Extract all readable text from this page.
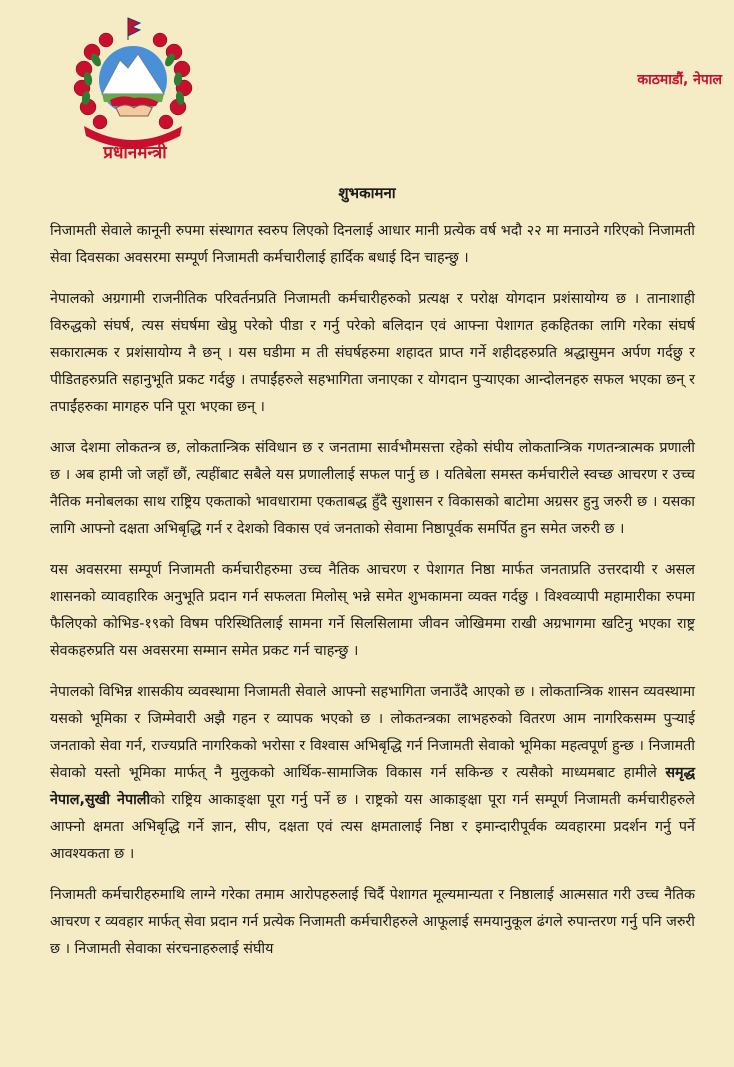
प्रधानमन्त्री
काठमाडौं, नेपाल
शुभकामना

निजामती सेवाले कानूनी रुपमा संस्थागत स्वरुप लिएको दिनलाई आधार मानी प्रत्येक वर्ष भदौ २२ मा मनाउने गरिएको निजामती सेवा दिवसका अवसरमा सम्पूर्ण निजामती कर्मचारीलाई हार्दिक बधाई दिन चाहन्छु ।

नेपालको अग्रगामी राजनीतिक परिवर्तनप्रति निजामती कर्मचारीहरुको प्रत्यक्ष र परोक्ष योगदान प्रशंसायोग्य छ । तानाशाही विरुद्धको संघर्ष, त्यस संघर्षमा खेप्नु परेको पीडा र गर्नु परेको बलिदान एवं आफ्ना पेशागत हकहितका लागि गरेका संघर्ष सकारात्मक र प्रशंसायोग्य नै छन् । यस घडीमा म ती संघर्षहरुमा शहादत प्राप्त गर्ने शहीदहरुप्रति श्रद्धासुमन अर्पण गर्दछु र पीडितहरुप्रति सहानुभूति प्रकट गर्दछु । तपाईंहरुले सहभागिता जनाएका र योगदान पुऱ्याएका आन्दोलनहरु सफल भएका छन् र तपाईंहरुका मागहरु पनि पूरा भएका छन् ।

आज देशमा लोकतन्त्र छ, लोकतान्त्रिक संविधान छ र जनतामा सार्वभौमसत्ता रहेको संघीय लोकतान्त्रिक गणतन्त्रात्मक प्रणाली छ । अब हामी जो जहाँ छौं, त्यहींबाट सबैले यस प्रणालीलाई सफल पार्नु छ । यतिबेला समस्त कर्मचारीले स्वच्छ आचरण र उच्च नैतिक मनोबलका साथ राष्ट्रिय एकताको भावधारामा एकताबद्ध हुँदै सुशासन र विकासको बाटोमा अग्रसर हुनु जरुरी छ । यसका लागि आफ्नो दक्षता अभिबृद्धि गर्न र देशको विकास एवं जनताको सेवामा निष्ठापूर्वक समर्पित हुन समेत जरुरी छ ।

यस अवसरमा सम्पूर्ण निजामती कर्मचारीहरुमा उच्च नैतिक आचरण र पेशागत निष्ठा मार्फत जनताप्रति उत्तरदायी र असल शासनको व्यावहारिक अनुभूति प्रदान गर्न सफलता मिलोस् भन्ने समेत शुभकामना व्यक्त गर्दछु । विश्वव्यापी महामारीका रुपमा फैलिएको कोभिड-१९को विषम परिस्थितिलाई सामना गर्ने सिलसिलामा जीवन जोखिममा राखी अग्रभागमा खटिनु भएका राष्ट्र सेवकहरुप्रति यस अवसरमा सम्मान समेत प्रकट गर्न चाहन्छु ।

नेपालको विभिन्न शासकीय व्यवस्थामा निजामती सेवाले आफ्नो सहभागिता जनाउँदै आएको छ । लोकतान्त्रिक शासन व्यवस्थामा यसको भूमिका र जिम्मेवारी अझै गहन र व्यापक भएको छ । लोकतन्त्रका लाभहरुको वितरण आम नागरिकसम्म पुऱ्याई जनताको सेवा गर्न, राज्यप्रति नागरिकको भरोसा र विश्वास अभिबृद्धि गर्न निजामती सेवाको भूमिका महत्वपूर्ण हुन्छ । निजामती सेवाको यस्तो भूमिका मार्फत् नै मुलुकको आर्थिक-सामाजिक विकास गर्न सकिन्छ र त्यसैको माध्यमबाट हामीले समृद्ध नेपाल,सुखी नेपालीको राष्ट्रिय आकाङ्क्षा पूरा गर्नु पर्ने छ । राष्ट्रको यस आकाङ्क्षा पूरा गर्न सम्पूर्ण निजामती कर्मचारीहरुले आफ्नो क्षमता अभिबृद्धि गर्ने ज्ञान, सीप, दक्षता एवं त्यस क्षमतालाई निष्ठा र इमान्दारीपूर्वक व्यवहारमा प्रदर्शन गर्नु पर्ने आवश्यकता छ ।

निजामती कर्मचारीहरुमाथि लाग्ने गरेका तमाम आरोपहरुलाई चिर्दै पेशागत मूल्यमान्यता र निष्ठालाई आत्मसात गरी उच्च नैतिक आचरण र व्यवहार मार्फत् सेवा प्रदान गर्न प्रत्येक निजामती कर्मचारीहरुले आफूलाई समयानुकूल ढंगले रुपान्तरण गर्नु पनि जरुरी छ । निजामती सेवाका संरचनाहरुलाई संघीय
